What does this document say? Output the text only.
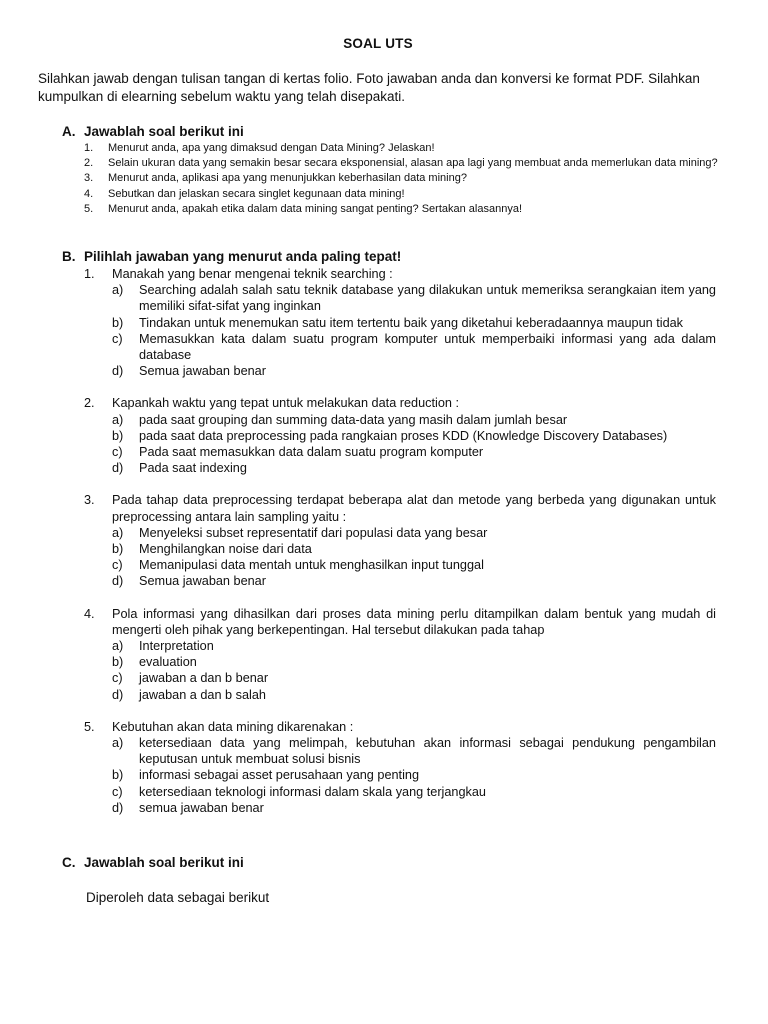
SOAL UTS
Silahkan jawab dengan tulisan tangan di kertas folio. Foto jawaban anda dan konversi ke format PDF. Silahkan kumpulkan di elearning sebelum waktu yang telah disepakati.
A. Jawablah soal berikut ini
1. Menurut anda, apa yang dimaksud dengan Data Mining? Jelaskan!
2. Selain ukuran data yang semakin besar secara eksponensial, alasan apa lagi yang membuat anda memerlukan data mining?
3. Menurut anda, aplikasi apa yang menunjukkan keberhasilan data mining?
4. Sebutkan dan jelaskan secara singlet kegunaan data mining!
5. Menurut anda, apakah etika dalam data mining sangat penting? Sertakan alasannya!
B. Pilihlah jawaban yang menurut anda paling tepat!
1. Manakah yang benar mengenai teknik searching :
a) Searching adalah salah satu teknik database yang dilakukan untuk memeriksa serangkaian item yang memiliki sifat-sifat yang inginkan
b) Tindakan untuk menemukan satu item tertentu baik yang diketahui keberadaannya maupun tidak
c) Memasukkan kata dalam suatu program komputer untuk memperbaiki informasi yang ada dalam database
d) Semua jawaban benar
2. Kapankah waktu yang tepat untuk melakukan data reduction :
a) pada saat grouping dan summing data-data yang masih dalam jumlah besar
b) pada saat data preprocessing pada rangkaian proses KDD (Knowledge Discovery Databases)
c) Pada saat memasukkan data dalam suatu program komputer
d) Pada saat indexing
3. Pada tahap data preprocessing terdapat beberapa alat dan metode yang berbeda yang digunakan untuk preprocessing antara lain sampling yaitu :
a) Menyeleksi subset representatif dari populasi data yang besar
b) Menghilangkan noise dari data
c) Memanipulasi data mentah untuk menghasilkan input tunggal
d) Semua jawaban benar
4. Pola informasi yang dihasilkan dari proses data mining perlu ditampilkan dalam bentuk yang mudah di mengerti oleh pihak yang berkepentingan. Hal tersebut dilakukan pada tahap
a) Interpretation
b) evaluation
c) jawaban a dan b benar
d) jawaban a dan b salah
5. Kebutuhan akan data mining dikarenakan :
a) ketersediaan data yang melimpah, kebutuhan akan informasi sebagai pendukung pengambilan keputusan untuk membuat solusi bisnis
b) informasi sebagai asset perusahaan yang penting
c) ketersediaan teknologi informasi dalam skala yang terjangkau
d) semua jawaban benar
C. Jawablah soal berikut ini
Diperoleh data sebagai berikut
